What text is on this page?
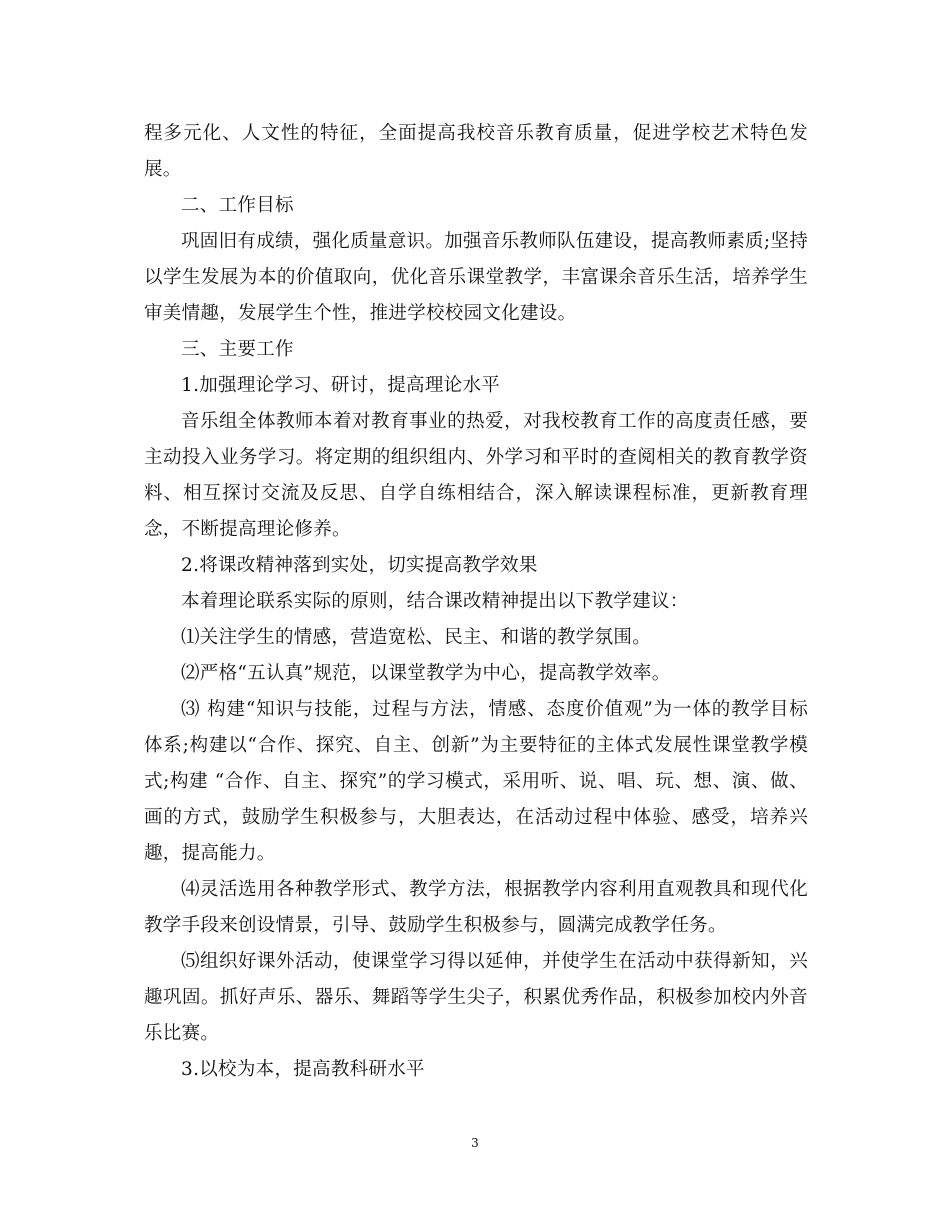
程多元化、人文性的特征，全面提高我校音乐教育质量，促进学校艺术特色发展。

二、工作目标

巩固旧有成绩，强化质量意识。加强音乐教师队伍建设，提高教师素质;坚持以学生发展为本的价值取向，优化音乐课堂教学，丰富课余音乐生活，培养学生审美情趣，发展学生个性，推进学校校园文化建设。

三、主要工作

1.加强理论学习、研讨，提高理论水平

音乐组全体教师本着对教育事业的热爱，对我校教育工作的高度责任感，要主动投入业务学习。将定期的组织组内、外学习和平时的查阅相关的教育教学资料、相互探讨交流及反思、自学自练相结合，深入解读课程标准，更新教育理念，不断提高理论修养。

2.将课改精神落到实处，切实提高教学效果

本着理论联系实际的原则，结合课改精神提出以下教学建议：

⑴关注学生的情感，营造宽松、民主、和谐的教学氛围。

⑵严格“五认真”规范，以课堂教学为中心，提高教学效率。

⑶ 构建“知识与技能，过程与方法，情感、态度价值观”为一体的教学目标体系;构建以“合作、探究、自主、创新”为主要特征的主体式发展性课堂教学模式;构建 “合作、自主、探究”的学习模式，采用听、说、唱、玩、想、演、做、画的方式，鼓励学生积极参与，大胆表达，在活动过程中体验、感受，培养兴趣，提高能力。

⑷灵活选用各种教学形式、教学方法，根据教学内容利用直观教具和现代化教学手段来创设情景，引导、鼓励学生积极参与，圆满完成教学任务。

⑸组织好课外活动，使课堂学习得以延伸，并使学生在活动中获得新知，兴趣巩固。抓好声乐、器乐、舞蹈等学生尖子，积累优秀作品，积极参加校内外音乐比赛。

3.以校为本，提高教科研水平

3
